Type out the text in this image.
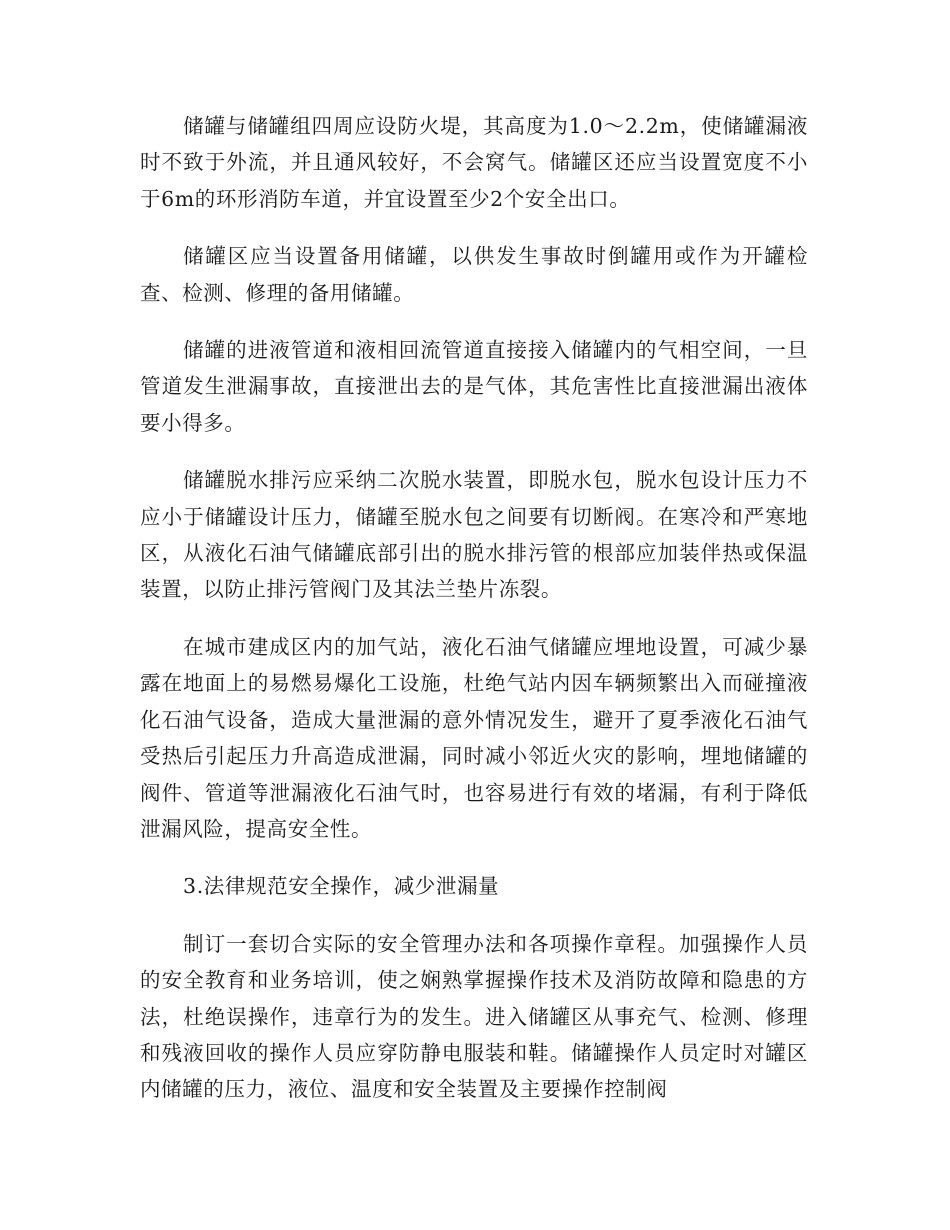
储罐与储罐组四周应设防火堤，其高度为1.0～2.2m，使储罐漏液时不致于外流，并且通风较好，不会窝气。储罐区还应当设置宽度不小于6m的环形消防车道，并宜设置至少2个安全出口。

储罐区应当设置备用储罐，以供发生事故时倒罐用或作为开罐检查、检测、修理的备用储罐。

储罐的进液管道和液相回流管道直接接入储罐内的气相空间，一旦管道发生泄漏事故，直接泄出去的是气体，其危害性比直接泄漏出液体要小得多。

储罐脱水排污应采纳二次脱水装置，即脱水包，脱水包设计压力不应小于储罐设计压力，储罐至脱水包之间要有切断阀。在寒冷和严寒地区，从液化石油气储罐底部引出的脱水排污管的根部应加装伴热或保温装置，以防止排污管阀门及其法兰垫片冻裂。

在城市建成区内的加气站，液化石油气储罐应埋地设置，可减少暴露在地面上的易燃易爆化工设施，杜绝气站内因车辆频繁出入而碰撞液化石油气设备，造成大量泄漏的意外情况发生，避开了夏季液化石油气受热后引起压力升高造成泄漏，同时减小邻近火灾的影响，埋地储罐的阀件、管道等泄漏液化石油气时，也容易进行有效的堵漏，有利于降低泄漏风险，提高安全性。

3.法律规范安全操作，减少泄漏量

制订一套切合实际的安全管理办法和各项操作章程。加强操作人员的安全教育和业务培训，使之娴熟掌握操作技术及消防故障和隐患的方法，杜绝误操作，违章行为的发生。进入储罐区从事充气、检测、修理和残液回收的操作人员应穿防静电服装和鞋。储罐操作人员定时对罐区内储罐的压力，液位、温度和安全装置及主要操作控制阀
